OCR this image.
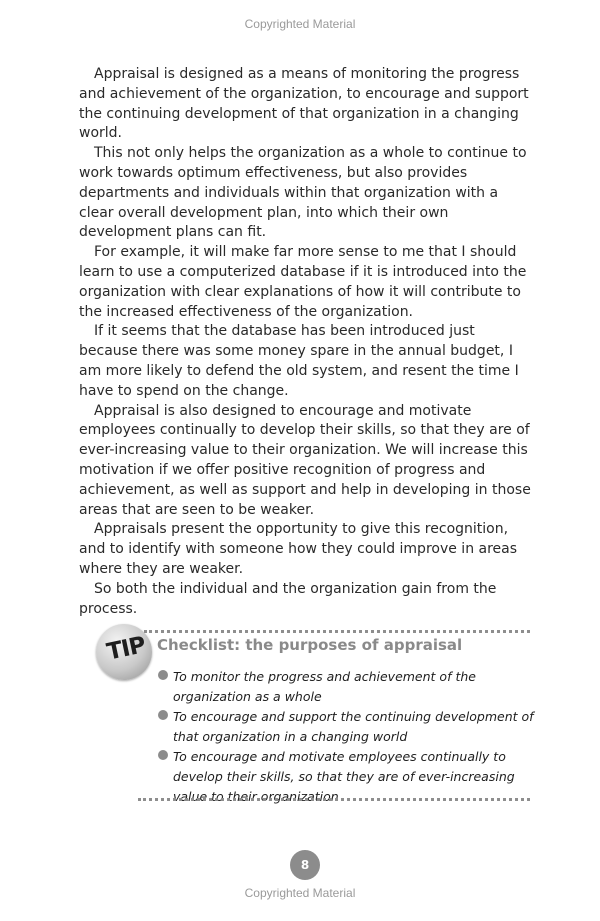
Copyrighted Material

Appraisal is designed as a means of monitoring the progress and achievement of the organization, to encourage and support the continuing development of that organization in a changing world.

This not only helps the organization as a whole to continue to work towards optimum effectiveness, but also provides departments and individuals within that organization with a clear overall development plan, into which their own development plans can fit.

For example, it will make far more sense to me that I should learn to use a computerized database if it is introduced into the organization with clear explanations of how it will contribute to the increased effectiveness of the organization.

If it seems that the database has been introduced just because there was some money spare in the annual budget, I am more likely to defend the old system, and resent the time I have to spend on the change.

Appraisal is also designed to encourage and motivate employees continually to develop their skills, so that they are of ever-increasing value to their organization. We will increase this motivation if we offer positive recognition of progress and achievement, as well as support and help in developing in those areas that are seen to be weaker.

Appraisals present the opportunity to give this recognition, and to identify with someone how they could improve in areas where they are weaker.

So both the individual and the organization gain from the process.

TIP Checklist: the purposes of appraisal
To monitor the progress and achievement of the organization as a whole
To encourage and support the continuing development of that organization in a changing world
To encourage and motivate employees continually to develop their skills, so that they are of ever-increasing value to their organization
8
Copyrighted Material
